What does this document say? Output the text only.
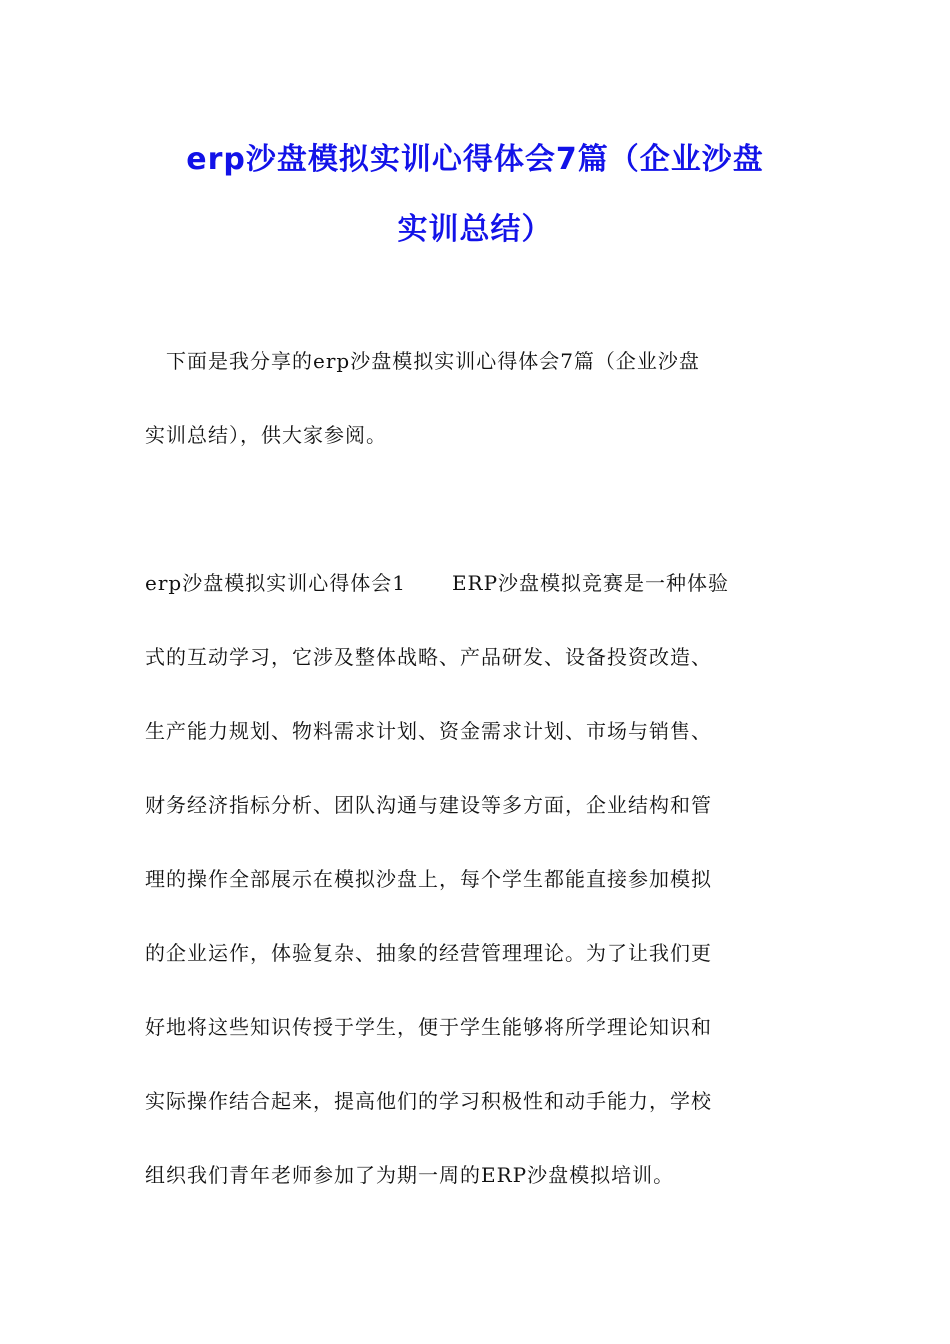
erp沙盘模拟实训心得体会7篇（企业沙盘
实训总结）
　下面是我分享的erp沙盘模拟实训心得体会7篇（企业沙盘
实训总结），供大家参阅。
erp沙盘模拟实训心得体会1 ERP沙盘模拟竞赛是一种体验
式的互动学习，它涉及整体战略、产品研发、设备投资改造、
生产能力规划、物料需求计划、资金需求计划、市场与销售、
财务经济指标分析、团队沟通与建设等多方面，企业结构和管
理的操作全部展示在模拟沙盘上，每个学生都能直接参加模拟
的企业运作，体验复杂、抽象的经营管理理论。为了让我们更
好地将这些知识传授于学生，便于学生能够将所学理论知识和
实际操作结合起来，提高他们的学习积极性和动手能力，学校
组织我们青年老师参加了为期一周的ERP沙盘模拟培训。
